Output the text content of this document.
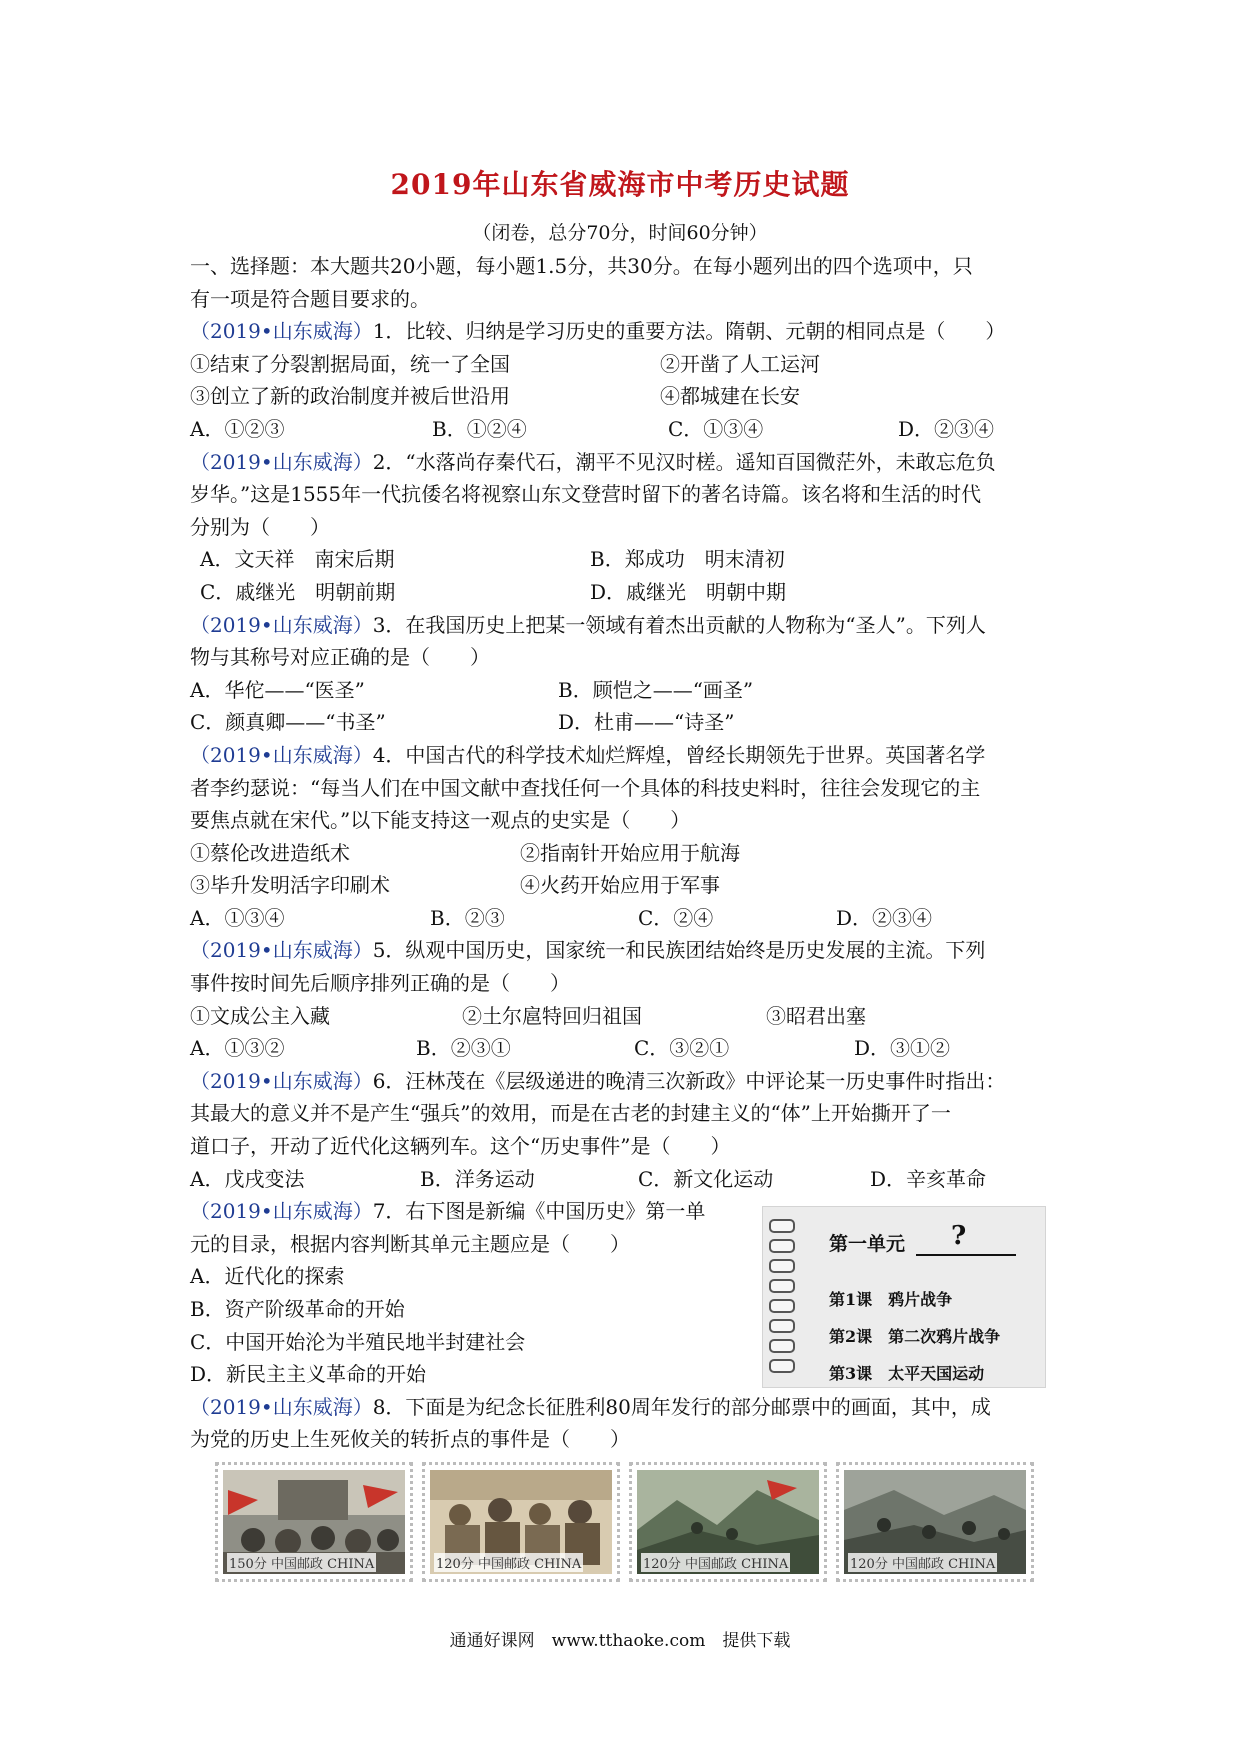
2019年山东省威海市中考历史试题
（闭卷，总分70分，时间60分钟）
一、选择题：本大题共20小题，每小题1.5分，共30分。在每小题列出的四个选项中，只
有一项是符合题目要求的。
（2019•山东威海）1．比较、归纳是学习历史的重要方法。隋朝、元朝的相同点是（　　）
①结束了分裂割据局面，统一了全国	②开凿了人工运河
③创立了新的政治制度并被后世沿用	④都城建在长安
A．①②③	B．①②④	C．①③④	D．②③④
（2019•山东威海）2．“水落尚存秦代石，潮平不见汉时槎。遥知百国微茫外，未敢忘危负
岁华。”这是1555年一代抗倭名将视察山东文登营时留下的著名诗篇。该名将和生活的时代
分别为（　　）
A．文天祥　南宋后期	B．郑成功　明末清初
C．戚继光　明朝前期	D．戚继光　明朝中期
（2019•山东威海）3．在我国历史上把某一领域有着杰出贡献的人物称为“圣人”。下列人
物与其称号对应正确的是（　　）
A．华佗——“医圣”	B．顾恺之——“画圣”
C．颜真卿——“书圣”	D．杜甫——“诗圣”
（2019•山东威海）4．中国古代的科学技术灿烂辉煌，曾经长期领先于世界。英国著名学
者李约瑟说：“每当人们在中国文献中查找任何一个具体的科技史料时，往往会发现它的主
要焦点就在宋代。”以下能支持这一观点的史实是（　　）
①蔡伦改进造纸术	②指南针开始应用于航海
③毕升发明活字印刷术	④火药开始应用于军事
A．①③④	B．②③	C．②④	D．②③④
（2019•山东威海）5．纵观中国历史，国家统一和民族团结始终是历史发展的主流。下列
事件按时间先后顺序排列正确的是（　　）
①文成公主入藏	②土尔扈特回归祖国	③昭君出塞
A．①③②	B．②③①	C．③②①	D．③①②
（2019•山东威海）6．汪林茂在《层级递进的晚清三次新政》中评论某一历史事件时指出：
其最大的意义并不是产生“强兵”的效用，而是在古老的封建主义的“体”上开始撕开了一
道口子，开动了近代化这辆列车。这个“历史事件”是（　　）
A．戊戌变法	B．洋务运动	C．新文化运动	D．辛亥革命
（2019•山东威海）7．右下图是新编《中国历史》第一单
元的目录，根据内容判断其单元主题应是（　　）
A．近代化的探索
B．资产阶级革命的开始
C．中国开始沦为半殖民地半封建社会
D．新民主主义革命的开始
（2019•山东威海）8．下面是为纪念长征胜利80周年发行的部分邮票中的画面，其中，成
为党的历史上生死攸关的转折点的事件是（　　）
第一单元 ?
第1课　鸦片战争
第2课　第二次鸦片战争
第3课　太平天国运动
150分 中国邮政 CHINA	120分 中国邮政 CHINA	120分 中国邮政 CHINA	120分 中国邮政 CHINA
通通好课网　www.tthaoke.com　提供下载
